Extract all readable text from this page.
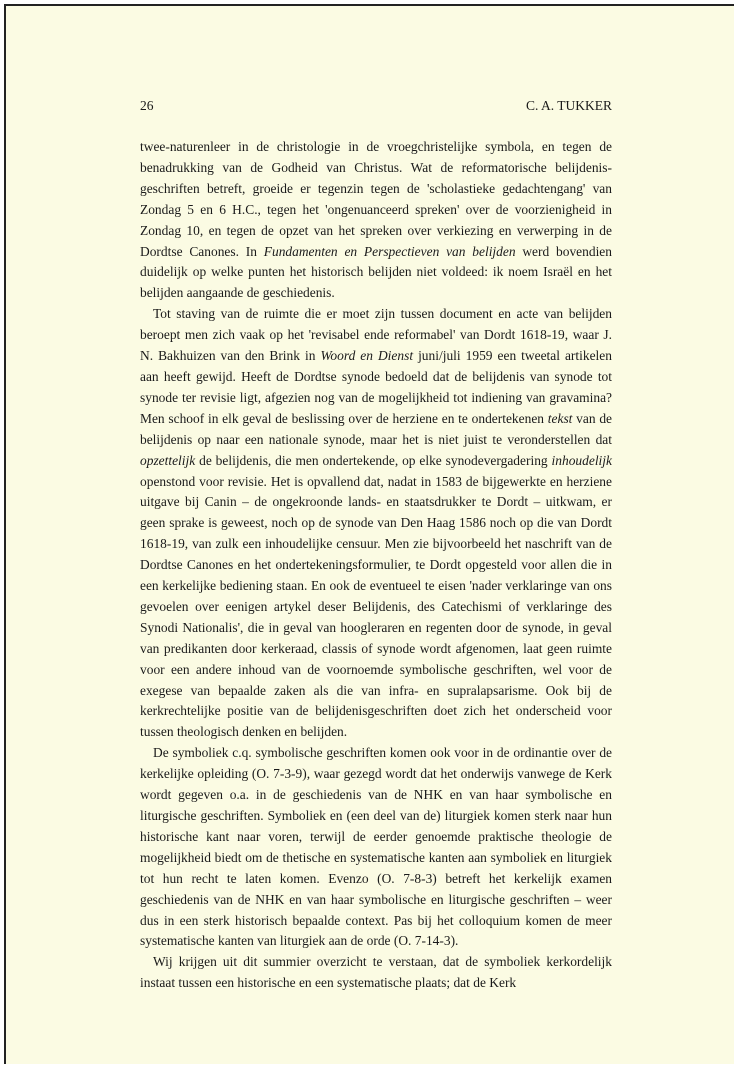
26	C. A. TUKKER

twee-naturenleer in de christologie in de vroegchristelijke symbola, en tegen de benadrukking van de Godheid van Christus. Wat de reformatorische belijdenisgeschriften betreft, groeide er tegenzin tegen de 'scholastieke gedachtengang' van Zondag 5 en 6 H.C., tegen het 'ongenuanceerd spreken' over de voorzienigheid in Zondag 10, en tegen de opzet van het spreken over verkiezing en verwerping in de Dordtse Canones. In Fundamenten en Perspectieven van belijden werd bovendien duidelijk op welke punten het historisch belijden niet voldeed: ik noem Israël en het belijden aangaande de geschiedenis.

Tot staving van de ruimte die er moet zijn tussen document en acte van belijden beroept men zich vaak op het 'revisabel ende reformabel' van Dordt 1618-19, waar J. N. Bakhuizen van den Brink in Woord en Dienst juni/juli 1959 een tweetal artikelen aan heeft gewijd. Heeft de Dordtse synode bedoeld dat de belijdenis van synode tot synode ter revisie ligt, afgezien nog van de mogelijkheid tot indiening van gravamina? Men schoof in elk geval de beslissing over de herziene en te ondertekenen tekst van de belijdenis op naar een nationale synode, maar het is niet juist te veronderstellen dat opzettelijk de belijdenis, die men ondertekende, op elke synodevergadering inhoudelijk openstond voor revisie. Het is opvallend dat, nadat in 1583 de bijgewerkte en herziene uitgave bij Canin – de ongekroonde lands- en staatsdrukker te Dordt – uitkwam, er geen sprake is geweest, noch op de synode van Den Haag 1586 noch op die van Dordt 1618-19, van zulk een inhoudelijke censuur. Men zie bijvoorbeeld het naschrift van de Dordtse Canones en het ondertekeningsformulier, te Dordt opgesteld voor allen die in een kerkelijke bediening staan. En ook de eventueel te eisen 'nader verklaringe van ons gevoelen over eenigen artykel deser Belijdenis, des Catechismi of verklaringe des Synodi Nationalis', die in geval van hoogleraren en regenten door de synode, in geval van predikanten door kerkeraad, classis of synode wordt afgenomen, laat geen ruimte voor een andere inhoud van de voornoemde symbolische geschriften, wel voor de exegese van bepaalde zaken als die van infra- en supralapsarisme. Ook bij de kerkrechtelijke positie van de belijdenisgeschriften doet zich het onderscheid voor tussen theologisch denken en belijden.

De symboliek c.q. symbolische geschriften komen ook voor in de ordinantie over de kerkelijke opleiding (O. 7-3-9), waar gezegd wordt dat het onderwijs vanwege de Kerk wordt gegeven o.a. in de geschiedenis van de NHK en van haar symbolische en liturgische geschriften. Symboliek en (een deel van de) liturgiek komen sterk naar hun historische kant naar voren, terwijl de eerder genoemde praktische theologie de mogelijkheid biedt om de thetische en systematische kanten aan symboliek en liturgiek tot hun recht te laten komen. Evenzo (O. 7-8-3) betreft het kerkelijk examen geschiedenis van de NHK en van haar symbolische en liturgische geschriften – weer dus in een sterk historisch bepaalde context. Pas bij het colloquium komen de meer systematische kanten van liturgiek aan de orde (O. 7-14-3).

Wij krijgen uit dit summier overzicht te verstaan, dat de symboliek kerkordelijk instaat tussen een historische en een systematische plaats; dat de Kerk
